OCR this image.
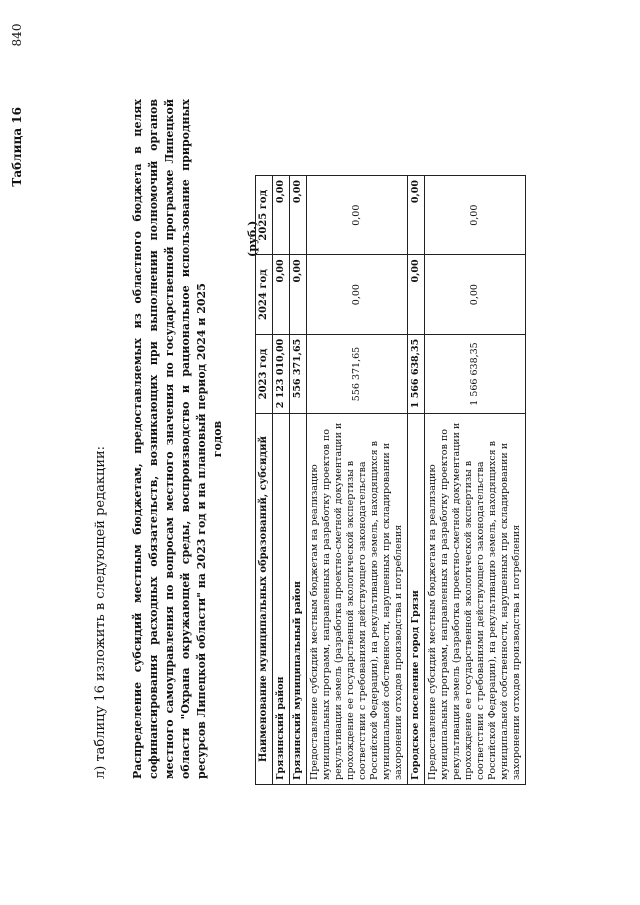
840
Таблица 16
л) таблицу 16 изложить в следующей редакции: Распределение субсидий местным бюджетам, предоставляемых из областного бюджета в целях софинансирования расходных обязательств, возникающих при выполнении полномочий органов местного самоуправления по вопросам местного значения по государственной программе Липецкой области "Охрана окружающей среды, воспроизводство и рациональное использование природных ресурсов Липецкой области" на 2023 год и на плановый период 2024 и 2025 годов

(руб.)
Наименование муниципальных образований, субсидий	2023 год	2024 год	2025 год
Грязинский район	2 123 010,00	0,00	0,00
Грязинский муниципальный район	556 371,65	0,00	0,00
Предоставление субсидий местным бюджетам на реализацию муниципальных программ, направленных на разработку проектов по рекультивации земель (разработка проектно-сметной документации и прохождение ее государственной экологической экспертизы в соответствии с требованиями действующего законодательства Российской Федерации), на рекультивацию земель, находящихся в муниципальной собственности, нарушенных при складировании и захоронении отходов производства и потребления	556 371,65	0,00	0,00
Городское поселение город Грязи	1 566 638,35	0,00	0,00
Предоставление субсидий местным бюджетам на реализацию муниципальных программ, направленных на разработку проектов по рекультивации земель (разработка проектно-сметной документации и прохождение ее государственной экологической экспертизы в соответствии с требованиями действующего законодательства Российской Федерации), на рекультивацию земель, находящихся в муниципальной собственности, нарушенных при складировании и захоронении отходов производства и потребления	1 566 638,35	0,00	0,00
